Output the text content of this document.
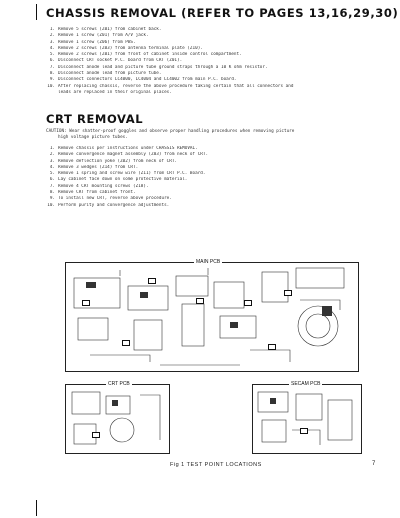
CHASSIS REMOVAL (REFER TO PAGES 13,16,29,30)
1. Remove 5 screws (Z01) from cabinet back.
2. Remove 1 screw (Z01) from A/V jack.
3. Remove 1 screw (Z06) from PBS.
4. Remove 2 screws (Z03) from antenna terminal plate (Z10).
5. Remove 2 screws (Z01) from front of cabinet inside control compartment.
6. Disconnect CRT socket P.C. board from CRT (Z01).
7. Disconnect anode lead and picture tube ground straps through a 10 K ohm resistor.
8. Disconnect anode lead from picture tube.
9. Disconnect connectors LC4000, LC4004 and LC4002 from main P.C. board.
10. After replacing chassis, reverse the above procedure taking certain that all connectors and
leads are replaced in their original places.
CRT REMOVAL
CAUTION: Wear shatter-proof goggles and observe proper handling procedures when removing picture
high voltage picture tubes.
1. Remove chassis per instructions under CHASSIS REMOVAL.
2. Remove convergence magnet assembly (Z03) from neck of CRT.
3. Remove deflection yoke (Z02) from neck of CRT.
4. Remove 3 wedges (Z14) from CRT.
5. Remove 1 spring and screw wire (Z11) from CRT P.C. Board.
6. Lay cabinet face down on some protective material.
7. Remove 4 CRT mounting screws (Z18).
8. Remove CRT from cabinet front.
9. To install new CRT, reverse above procedure.
10. Perform purity and convergence adjustments.
MAIN PCB
CRT PCB	SECAM PCB
Fig 1 TEST POINT LOCATIONS	7
